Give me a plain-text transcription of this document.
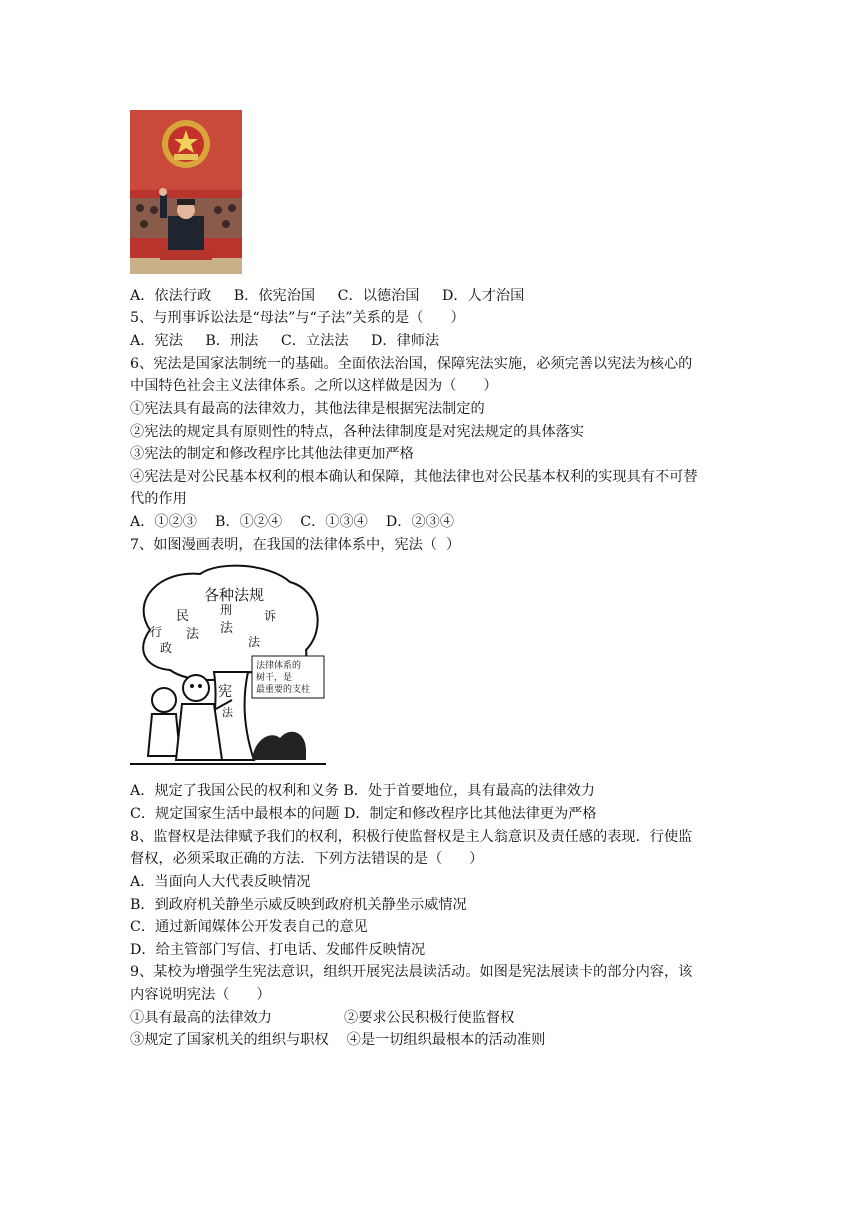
A．依法行政     B．依宪治国     C．以德治国     D．人才治国
5、与刑事诉讼法是“母法”与“子法”关系的是（      ）
A．宪法     B．刑法     C．立法法     D．律师法
6、宪法是国家法制统一的基础。全面依法治国，保障宪法实施，必须完善以宪法为核心的
中国特色社会主义法律体系。之所以这样做是因为（      ）
①宪法具有最高的法律效力，其他法律是根据宪法制定的
②宪法的规定具有原则性的特点，各种法律制度是对宪法规定的具体落实
③宪法的制定和修改程序比其他法律更加严格
④宪法是对公民基本权利的根本确认和保障，其他法律也对公民基本权利的实现具有不可替
代的作用
A．①②③    B．①②④    C．①③④    D．②③④
7、如图漫画表明，在我国的法律体系中，宪法（  ）
各种法规
民
法
刑
法
行
政	法
诉
宪
法
法律体系的
树干，是
最重要的支柱
A．规定了我国公民的权利和义务 B．处于首要地位，具有最高的法律效力
C．规定国家生活中最根本的问题 D．制定和修改程序比其他法律更为严格
8、监督权是法律赋予我们的权利，积极行使监督权是主人翁意识及责任感的表现．行使监
督权，必须采取正确的方法．下列方法错误的是（      ）
A．当面向人大代表反映情况
B．到政府机关静坐示威反映到政府机关静坐示威情况
C．通过新闻媒体公开发表自己的意见
D．给主管部门写信、打电话、发邮件反映情况
9、某校为增强学生宪法意识，组织开展宪法晨读活动。如图是宪法展读卡的部分内容，该
内容说明宪法（      ）
①具有最高的法律效力                ②要求公民积极行使监督权
③规定了国家机关的组织与职权    ④是一切组织最根本的活动准则
